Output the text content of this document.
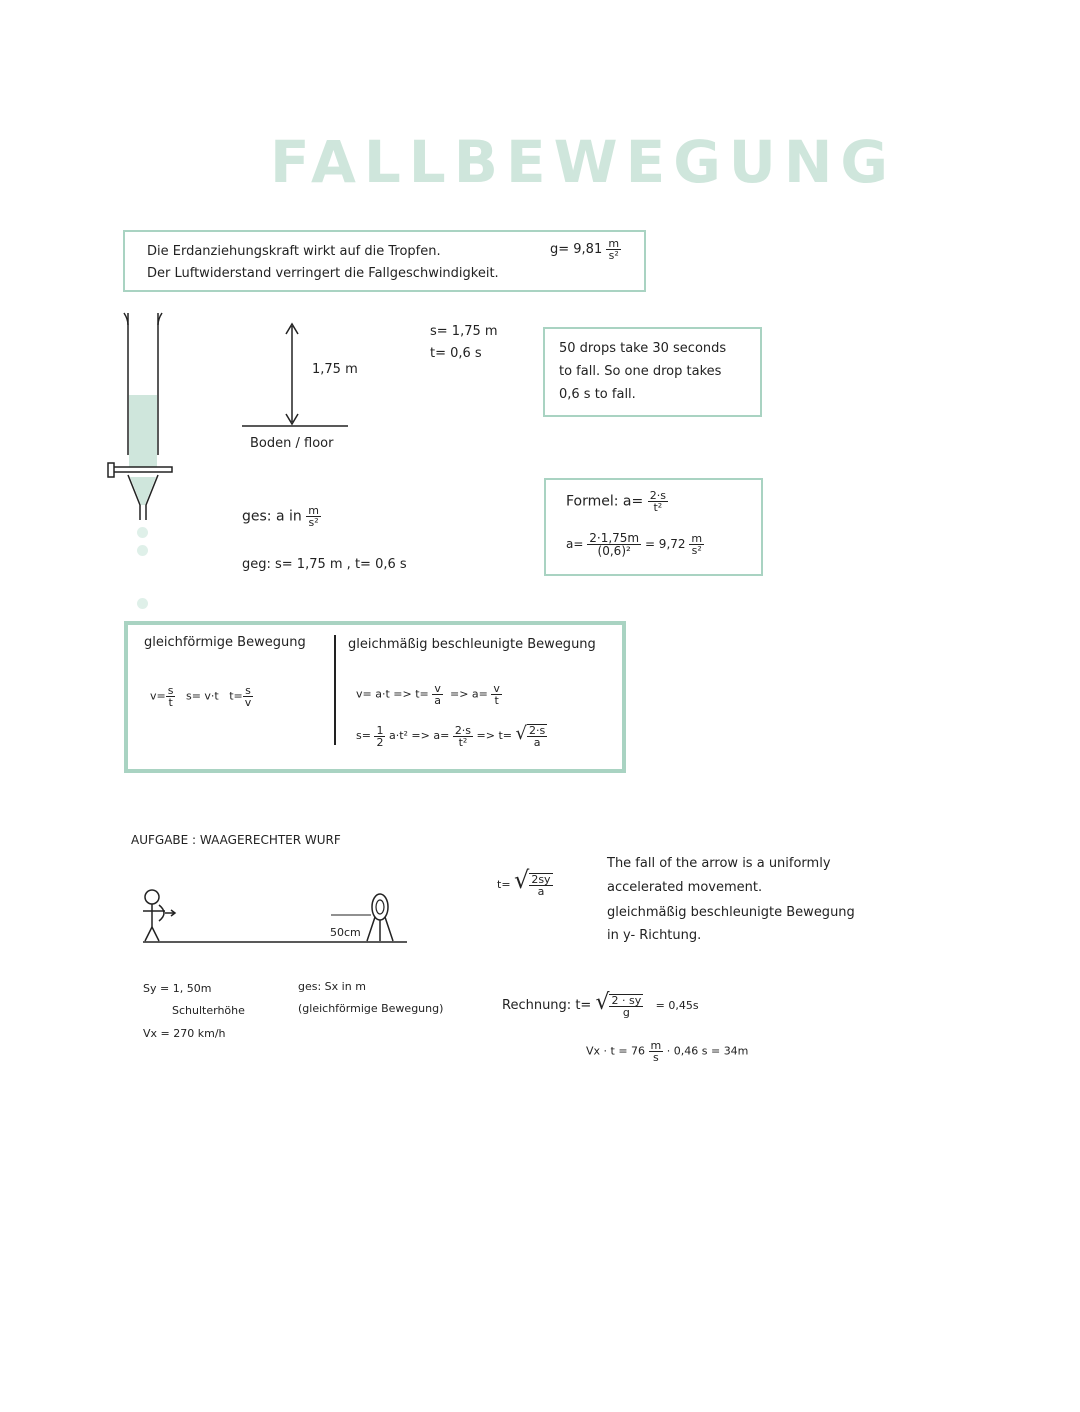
FALLBEWEGUNG
Die Erdanziehungskraft wirkt auf die Tropfen.
Der Luftwiderstand verringert die Fallgeschwindigkeit.
$g= 9,81 \frac{m}{\text{s²}}$
1,75 m
Boden / floor
s= 1,75 m
t= 0,6 s	50 drops take 30 seconds
to fall. So one drop takes
0,6 s to fall.
ges: a in $\frac{m}{\text{s²}}$
geg: s= 1,75 m , t= 0,6 s
Formel: $a= \frac{2\cdot s}{\text{t²}}$
$a= \frac{2\cdot 1,75m}{\text{(0,6)²}} = 9,72 \frac{m}{\text{s²}}$
gleichförmige Bewegung	gleichmäßig beschleunigte Bewegung
$v= \frac{s}{t} s= v\cdot t$ $t= \frac{s}{v}$	$v= a\cdot t => t= \frac{v}{a} => a= \frac{v}{t}$
$s= \frac{1}{2} a\cdot t^2 => a= \frac{2\cdot s}{\text{t²}} => t=$ √ $\frac{2\cdot s}{a}$
AUFGABE : WAAGERECHTER WURF
50cm
Sy = 1, 50m
Schulterhöhe
Vx = 270 km/h
ges: Sx in m
(gleichförmige Bewegung)
t= √ $\frac{2sy}{a}$
The fall of the arrow is a uniformly
accelerated movement.
gleichmäßig beschleunigte Bewegung
in y- Richtung.
Rechnung: t= √ $\frac{2 \cdot sy}{g} = 0,45s$
$Vx \cdot t = 76 \frac{m}{s} \cdot 0,46$ s = 34m
